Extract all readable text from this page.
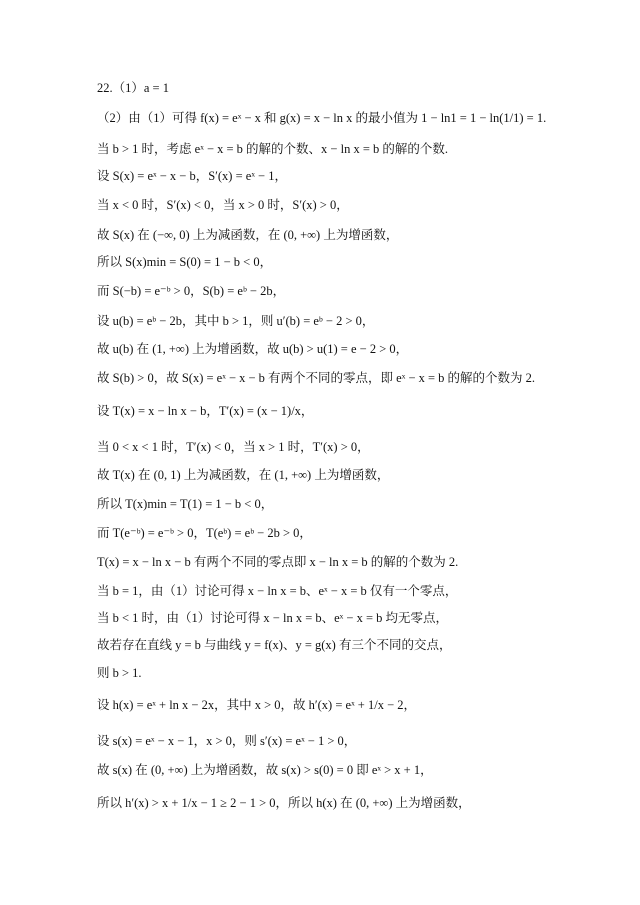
22.（1）a = 1
（2）由（1）可得 f(x) = eˣ − x 和 g(x) = x − ln x 的最小值为 1 − ln1 = 1 − ln(1/1) = 1.
当 b > 1 时，考虑 eˣ − x = b 的解的个数、x − ln x = b 的解的个数.
设 S(x) = eˣ − x − b，S′(x) = eˣ − 1，
当 x < 0 时，S′(x) < 0，当 x > 0 时，S′(x) > 0，
故 S(x) 在 (−∞, 0) 上为减函数，在 (0, +∞) 上为增函数，
所以 S(x)min = S(0) = 1 − b < 0，
而 S(−b) = e⁻ᵇ > 0，S(b) = eᵇ − 2b，
设 u(b) = eᵇ − 2b，其中 b > 1，则 u′(b) = eᵇ − 2 > 0，
故 u(b) 在 (1, +∞) 上为增函数，故 u(b) > u(1) = e − 2 > 0，
故 S(b) > 0，故 S(x) = eˣ − x − b 有两个不同的零点，即 eˣ − x = b 的解的个数为 2.
设 T(x) = x − ln x − b，T′(x) = (x − 1)/x，
当 0 < x < 1 时，T′(x) < 0，当 x > 1 时，T′(x) > 0，
故 T(x) 在 (0, 1) 上为减函数，在 (1, +∞) 上为增函数，
所以 T(x)min = T(1) = 1 − b < 0，
而 T(e⁻ᵇ) = e⁻ᵇ > 0，T(eᵇ) = eᵇ − 2b > 0，
T(x) = x − ln x − b 有两个不同的零点即 x − ln x = b 的解的个数为 2.
当 b = 1，由（1）讨论可得 x − ln x = b、eˣ − x = b 仅有一个零点，
当 b < 1 时，由（1）讨论可得 x − ln x = b、eˣ − x = b 均无零点，
故若存在直线 y = b 与曲线 y = f(x)、y = g(x) 有三个不同的交点，
则 b > 1.
设 h(x) = eˣ + ln x − 2x，其中 x > 0，故 h′(x) = eˣ + 1/x − 2，
设 s(x) = eˣ − x − 1，x > 0，则 s′(x) = eˣ − 1 > 0，
故 s(x) 在 (0, +∞) 上为增函数，故 s(x) > s(0) = 0 即 eˣ > x + 1，
所以 h′(x) > x + 1/x − 1 ≥ 2 − 1 > 0，所以 h(x) 在 (0, +∞) 上为增函数，
